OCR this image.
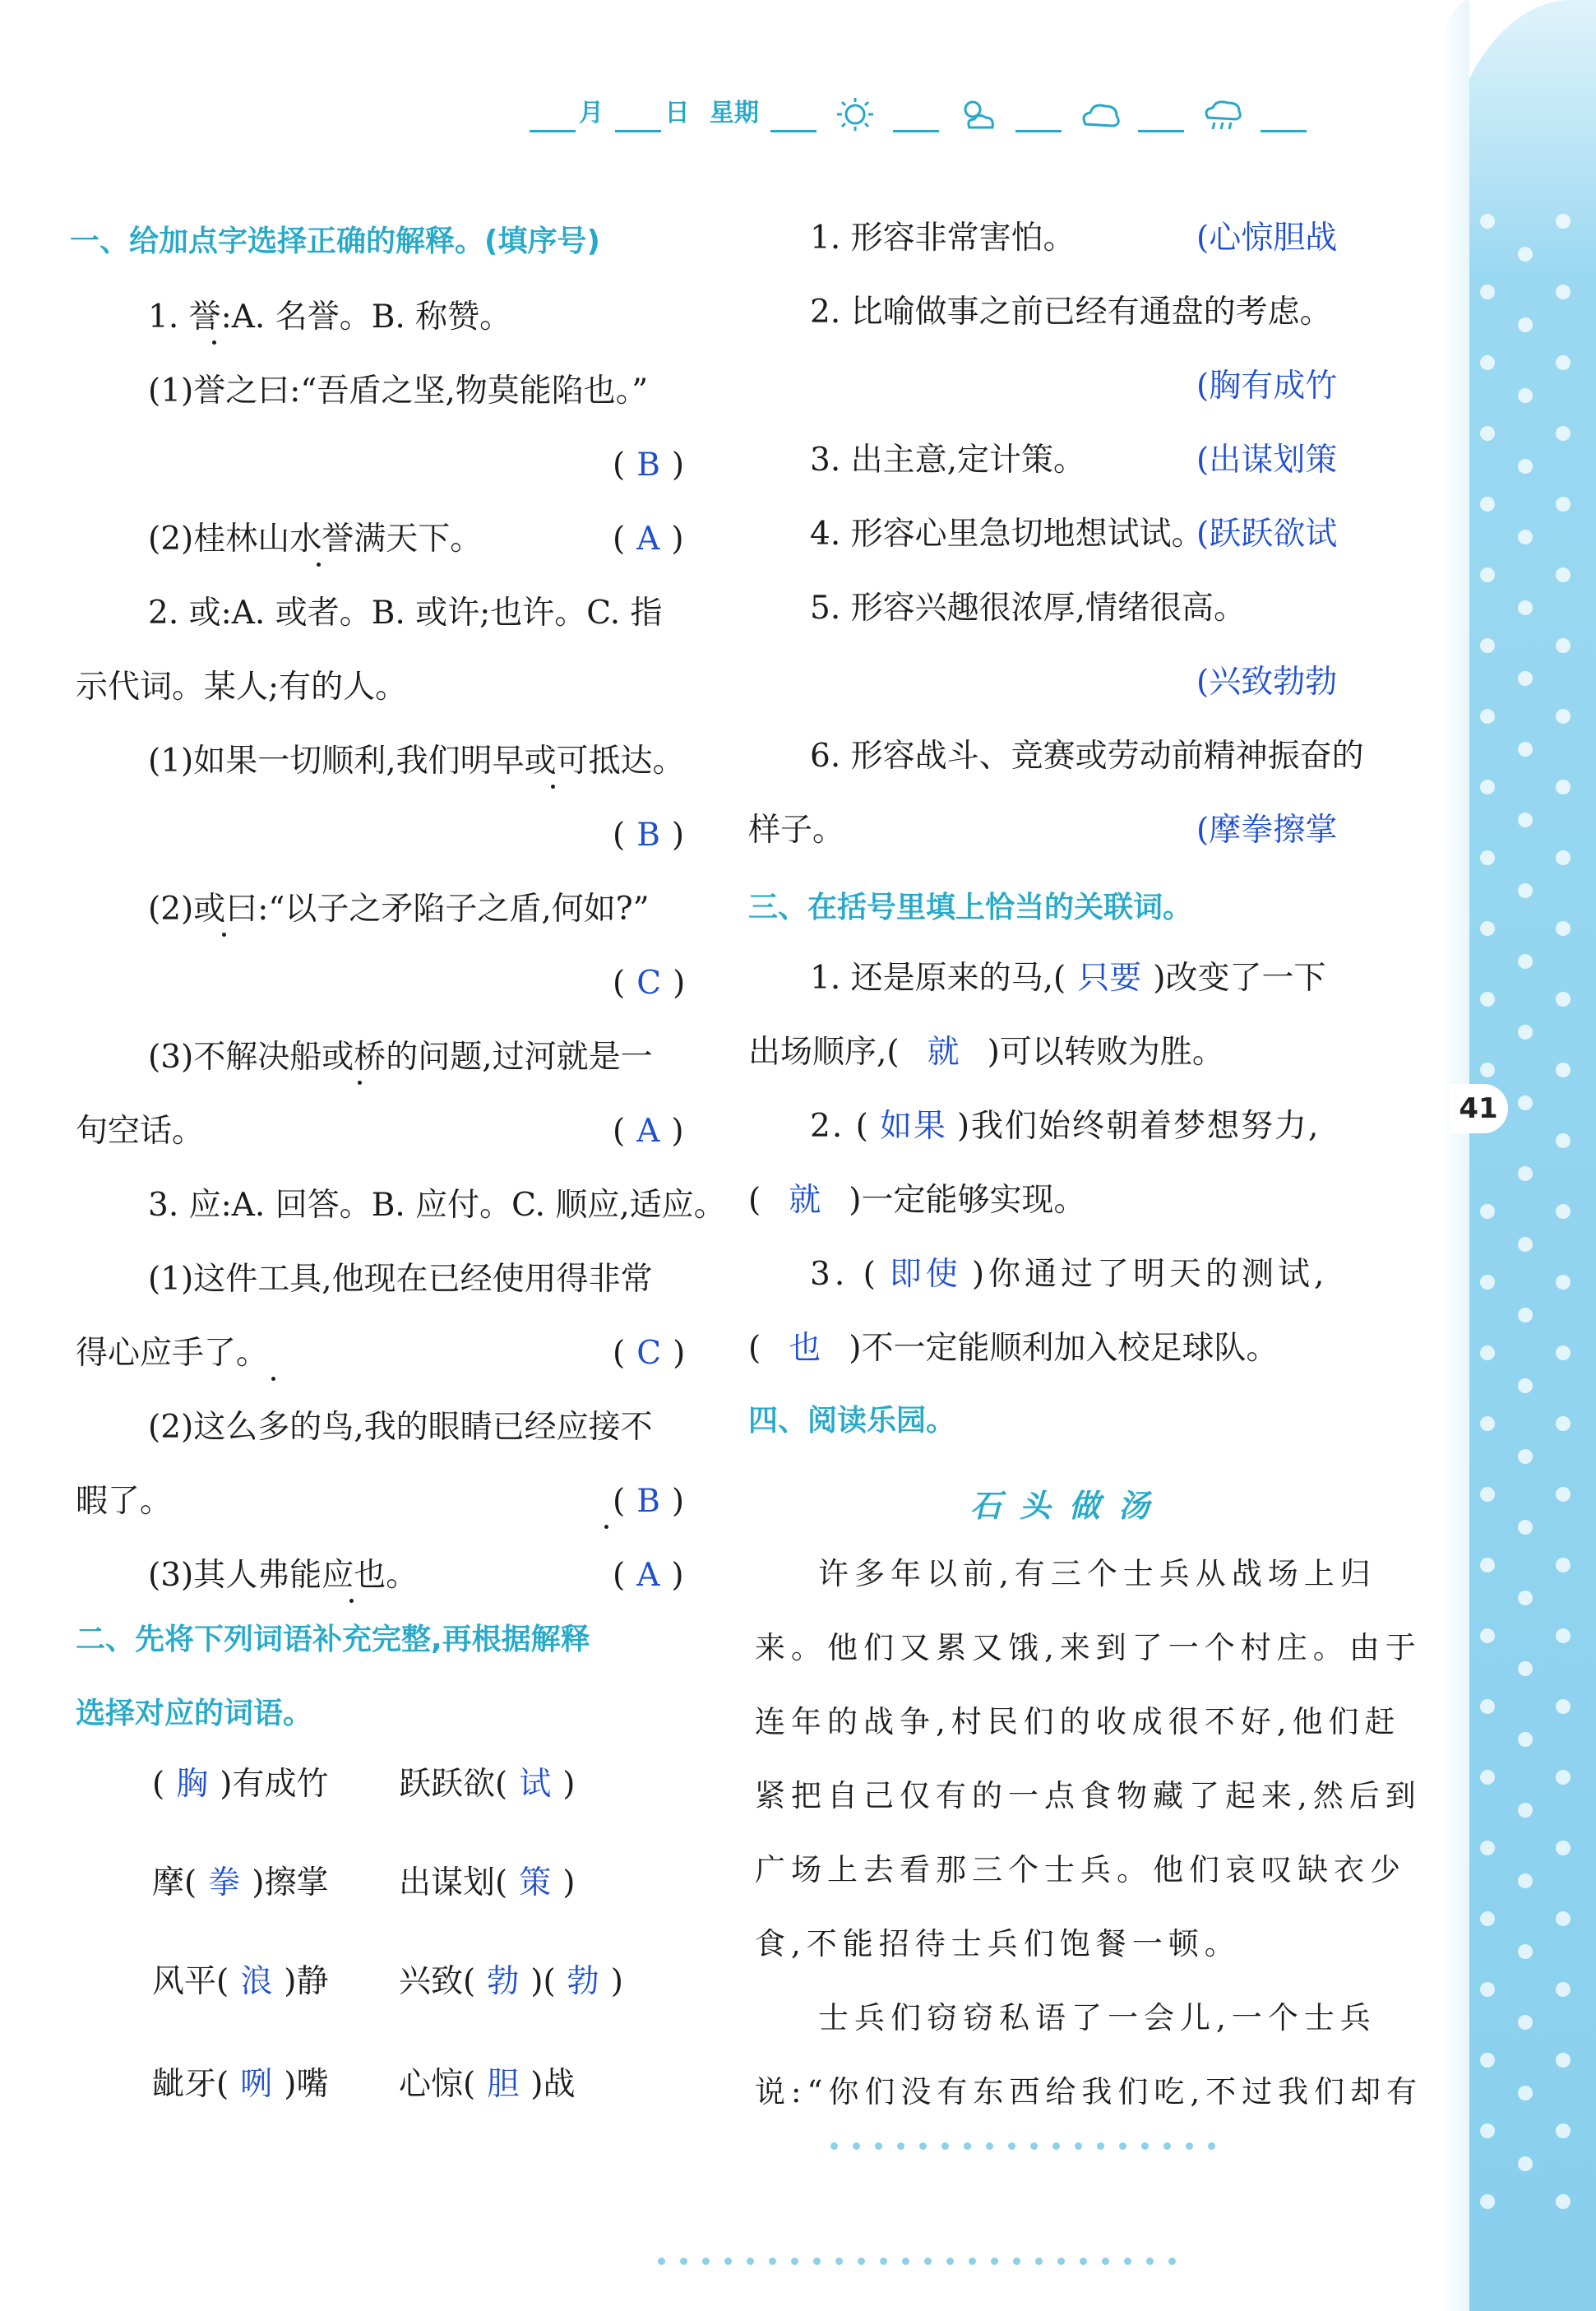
41
月 日 星期
一、给加点字选择正确的解释。(填序号)
1. 誉:A. 名誉。B. 称赞。
(1)誉之曰:“吾盾之坚,物莫能陷也。”
( B )
(2)桂林山水誉满天下。	( A )
2. 或:A. 或者。B. 或许;也许。C. 指
示代词。某人;有的人。
(1)如果一切顺利,我们明早或可抵达。
( B )
(2)或曰:“以子之矛陷子之盾,何如?”
( C )
(3)不解决船或桥的问题,过河就是一
句空话。	( A )
3. 应:A. 回答。B. 应付。C. 顺应,适应。
(1)这件工具,他现在已经使用得非常
得心应手了。	( C )
(2)这么多的鸟,我的眼睛已经应接不
暇了。	( B )
(3)其人弗能应也。	( A )
二、先将下列词语补充完整,再根据解释
选择对应的词语。
( 胸 )有成竹 跃跃欲( 试 )
摩( 拳 )擦掌 出谋划( 策 )
风平( 浪 )静 兴致( 勃 )( 勃 )
龇牙( 咧 )嘴 心惊( 胆 )战
1. 形容非常害怕。	(心惊胆战
2. 比喻做事之前已经有通盘的考虑。
(胸有成竹
3. 出主意,定计策。	(出谋划策
4. 形容心里急切地想试试。
(跃跃欲试
5. 形容兴趣很浓厚,情绪很高。
(兴致勃勃
6. 形容战斗、竞赛或劳动前精神振奋的
样子。	(摩拳擦掌
三、在括号里填上恰当的关联词。
1. 还是原来的马,( 只要 )改变了一下
出场顺序,( 就 )可以转败为胜。
2. ( 如果 )我们始终朝着梦想努力,
( 就 )一定能够实现。
3. ( 即使 )你通过了明天的测试,
( 也 )不一定能顺利加入校足球队。
四、阅读乐园。
石头做汤
许多年以前,有三个士兵从战场上归
来。他们又累又饿,来到了一个村庄。由于
连年的战争,村民们的收成很不好,他们赶
紧把自己仅有的一点食物藏了起来,然后到
广场上去看那三个士兵。他们哀叹缺衣少
食,不能招待士兵们饱餐一顿。
士兵们窃窃私语了一会儿,一个士兵
说:“你们没有东西给我们吃,不过我们却有
